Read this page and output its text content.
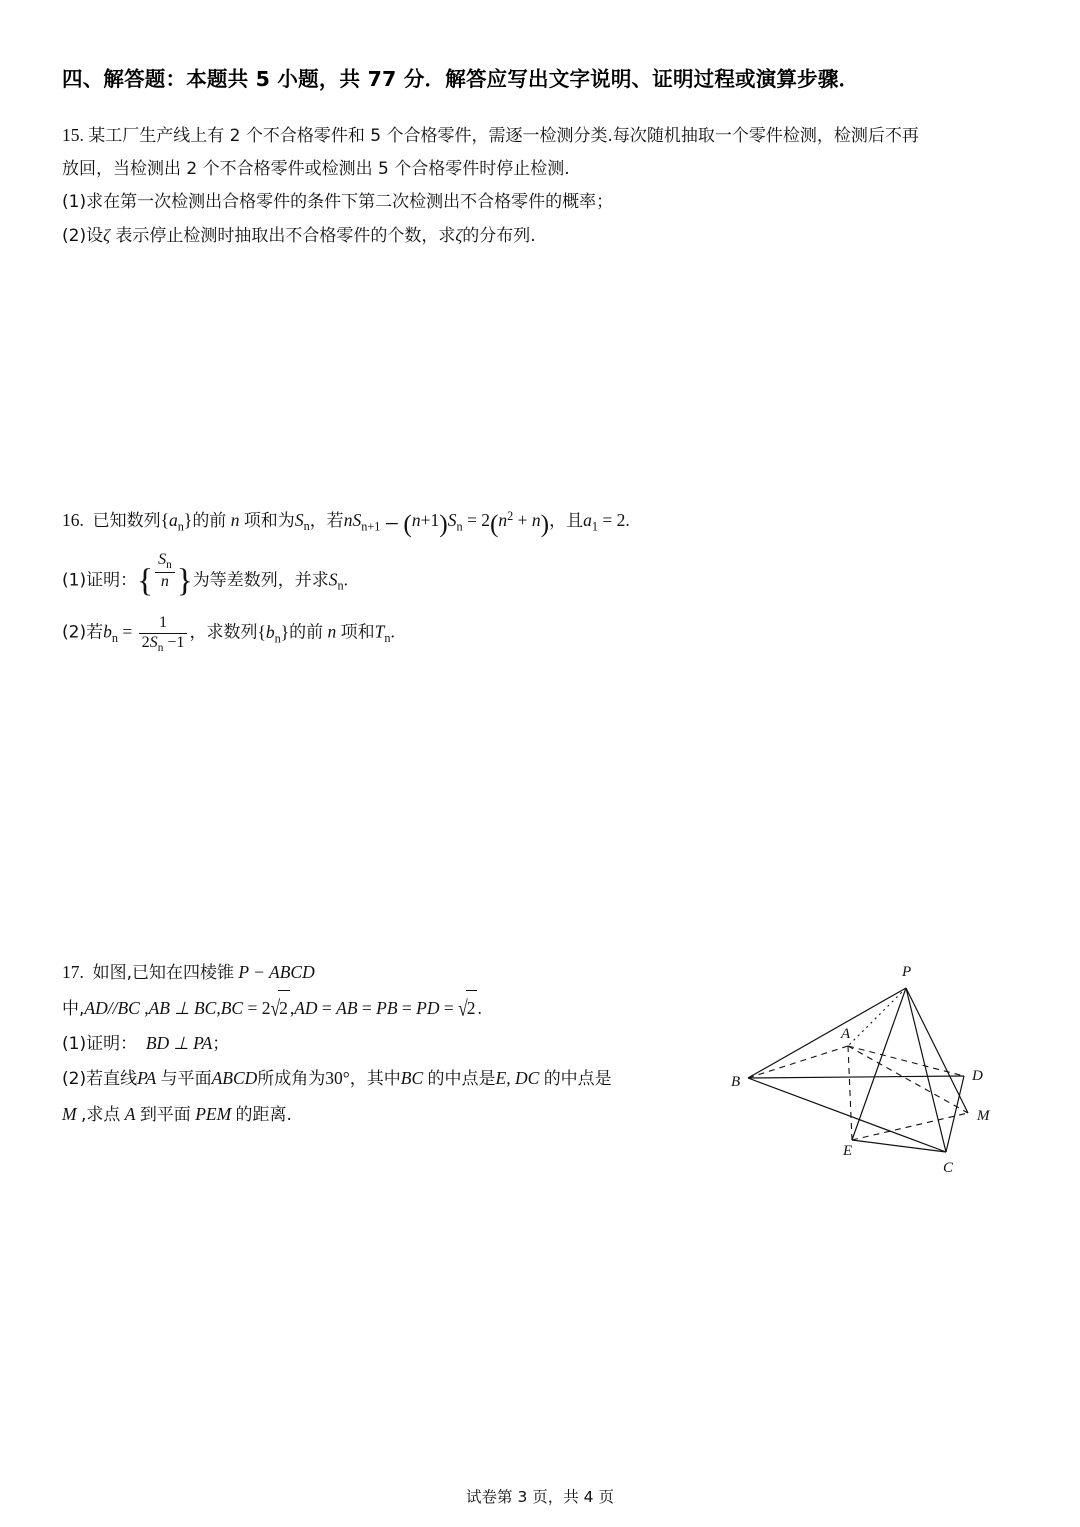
四、解答题：本题共 5 小题，共 77 分．解答应写出文字说明、证明过程或演算步骤．
15. 某工厂生产线上有 2 个不合格零件和 5 个合格零件，需逐一检测分类.每次随机抽取一个零件检测，检测后不再
放回，当检测出 2 个不合格零件或检测出 5 个合格零件时停止检测.
(1)求在第一次检测出合格零件的条件下第二次检测出不合格零件的概率；
(2)设ζ 表示停止检测时抽取出不合格零件的个数，求ζ的分布列.
16. 已知数列$\{a_n\}$的前 n 项和为$S_n$，若$nS_{n+1} - (n+1)S_n = 2(n^2 + n)$，且$a_1 = 2$.
(1)证明：{ $\frac{S_n}{n}$ }为等差数列，并求$S_n$.
(2)若$b_n = \frac{1}{2S_n -1}$ ，求数列$\{b_n\}$的前 n 项和$T_n$.
17. 如图,已知在四棱锥 P − ABCD
中,AD//BC ,AB ⊥ BC,BC = 2√2 ,AD = AB = PB = PD = √2 .
(1)证明： BD ⊥ PA；
(2)若直线PA 与平面ABCD所成角为30°，其中BC 的中点是E, DC 的中点是
M ,求点 A 到平面 PEM 的距离.
P
A
B	D
M
E
C
试卷第 3 页，共 4 页
